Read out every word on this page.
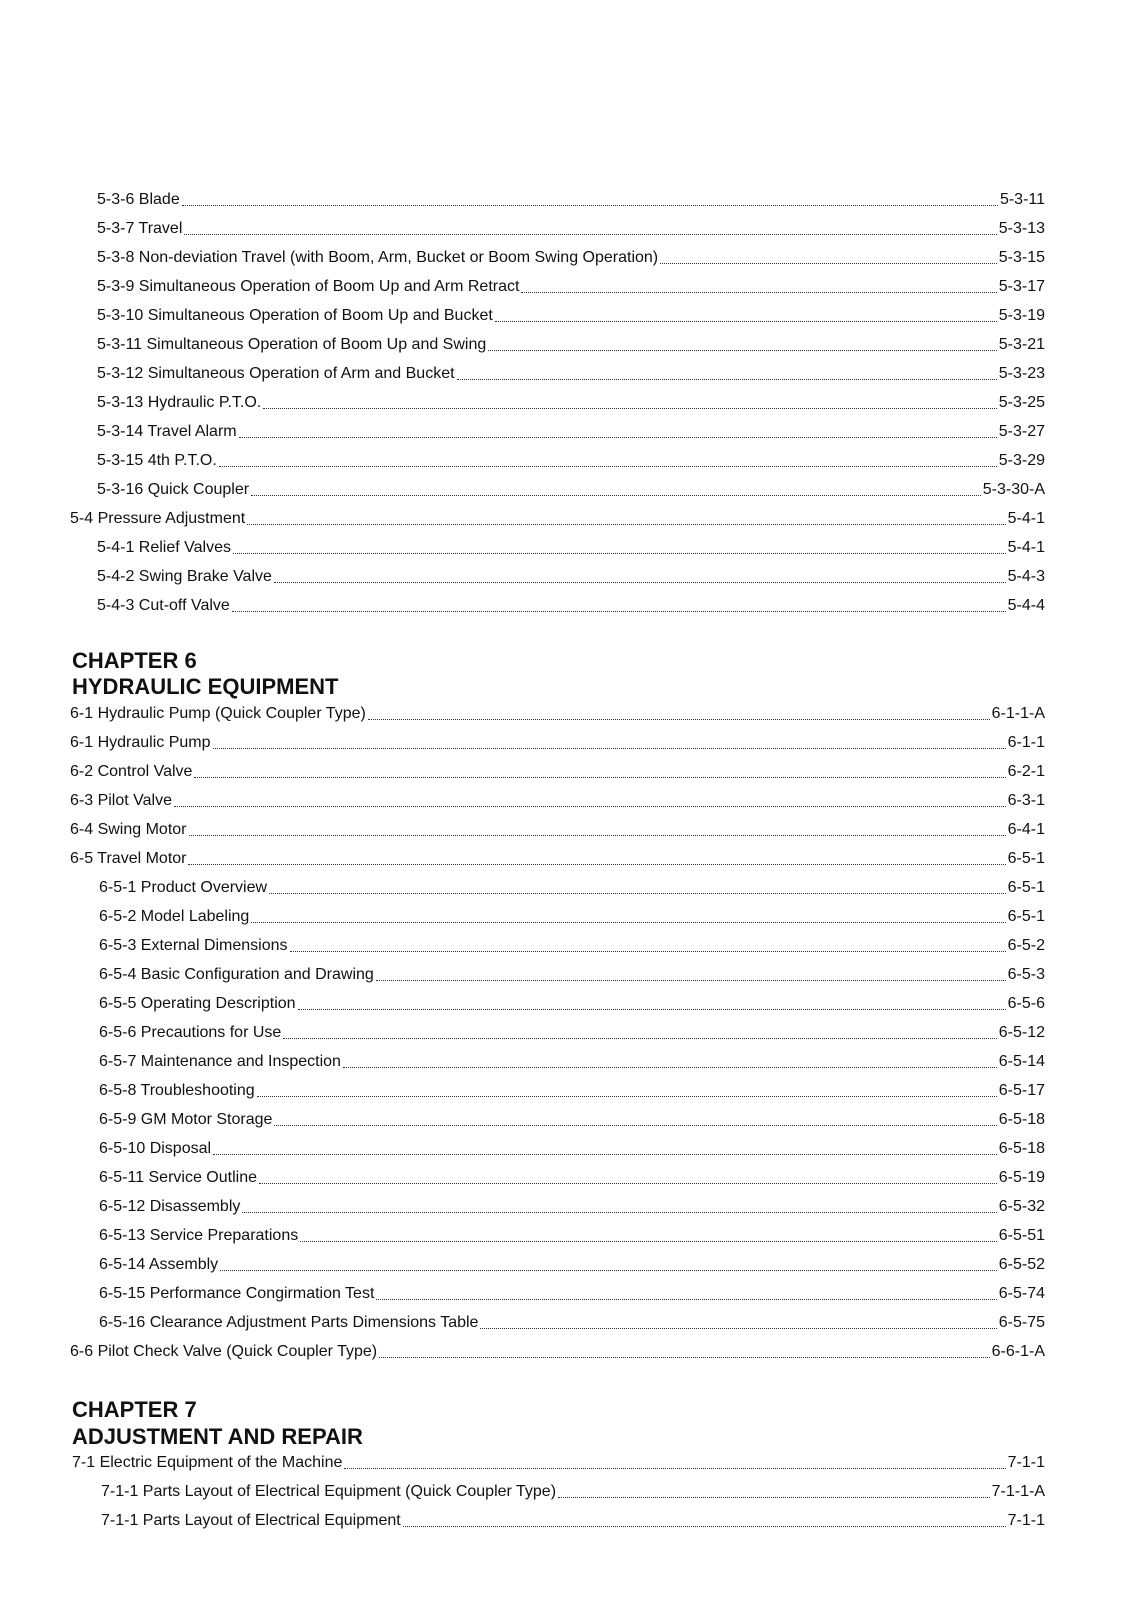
5-3-6 Blade	5-3-11
5-3-7 Travel	5-3-13
5-3-8 Non-deviation Travel (with Boom, Arm, Bucket or Boom Swing Operation)	5-3-15
5-3-9 Simultaneous Operation of Boom Up and Arm Retract	5-3-17
5-3-10 Simultaneous Operation of Boom Up and Bucket	5-3-19
5-3-11 Simultaneous Operation of Boom Up and Swing	5-3-21
5-3-12 Simultaneous Operation of Arm and Bucket	5-3-23
5-3-13 Hydraulic P.T.O.	5-3-25
5-3-14 Travel Alarm	5-3-27
5-3-15 4th P.T.O.	5-3-29
5-3-16 Quick Coupler	5-3-30-A
5-4 Pressure Adjustment	5-4-1
5-4-1 Relief Valves	5-4-1
5-4-2 Swing Brake Valve	5-4-3
5-4-3 Cut-off Valve	5-4-4
CHAPTER 6
HYDRAULIC EQUIPMENT
6-1 Hydraulic Pump (Quick Coupler Type)	6-1-1-A
6-1 Hydraulic Pump	6-1-1
6-2 Control Valve	6-2-1
6-3 Pilot Valve	6-3-1
6-4 Swing Motor	6-4-1
6-5 Travel Motor	6-5-1
6-5-1 Product Overview	6-5-1
6-5-2 Model Labeling	6-5-1
6-5-3 External Dimensions	6-5-2
6-5-4 Basic Configuration and Drawing	6-5-3
6-5-5 Operating Description	6-5-6
6-5-6 Precautions for Use	6-5-12
6-5-7 Maintenance and Inspection	6-5-14
6-5-8 Troubleshooting	6-5-17
6-5-9 GM Motor Storage	6-5-18
6-5-10 Disposal	6-5-18
6-5-11 Service Outline	6-5-19
6-5-12 Disassembly	6-5-32
6-5-13 Service Preparations	6-5-51
6-5-14 Assembly	6-5-52
6-5-15 Performance Congirmation Test	6-5-74
6-5-16 Clearance Adjustment Parts Dimensions Table	6-5-75
6-6 Pilot Check Valve (Quick Coupler Type)	6-6-1-A
CHAPTER 7
ADJUSTMENT AND REPAIR
7-1 Electric Equipment of the Machine	7-1-1
7-1-1 Parts Layout of Electrical Equipment (Quick Coupler Type)	7-1-1-A
7-1-1 Parts Layout of Electrical Equipment	7-1-1
